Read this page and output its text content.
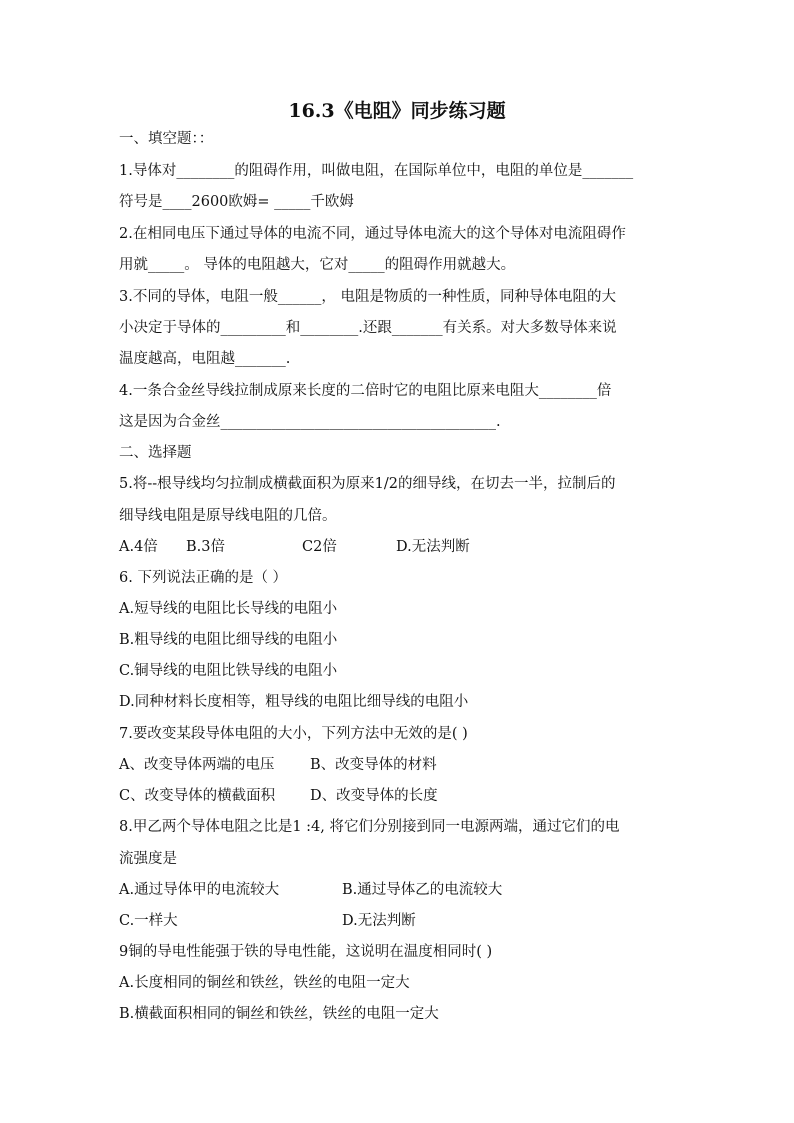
16.3《电阻》同步练习题
一、填空题：：
1.导体对________的阻碍作用，叫做电阻，在国际单位中，电阻的单位是_______
符号是____2600欧姆= _____千欧姆
2.在相同电压下通过导体的电流不同，通过导体电流大的这个导体对电流阻碍作
用就_____。 导体的电阻越大，它对_____的阻碍作用就越大。
3.不同的导体，电阻一般______， 电阻是物质的一种性质，同种导体电阻的大
小决定于导体的_________和________.还跟_______有关系。对大多数导体来说
温度越高，电阻越_______.
4.一条合金丝导线拉制成原来长度的二倍时它的电阻比原来电阻大________倍
这是因为合金丝______________________________________.
二、选择题
5.将--根导线均匀拉制成横截面积为原来1/2的细导线，在切去一半，拉制后的
细导线电阻是原导线电阻的几倍。
A.4倍 B.3倍	C2倍	D.无法判断
6. 下列说法正确的是（ ）
A.短导线的电阻比长导线的电阻小
B.粗导线的电阻比细导线的电阻小
C.铜导线的电阻比铁导线的电阻小
D.同种材料长度相等，粗导线的电阻比细导线的电阻小
7.要改变某段导体电阻的大小，下列方法中无效的是( )
A、改变导体两端的电压 B、改变导体的材料
C、改变导体的横截面积 D、改变导体的长度
8.甲乙两个导体电阻之比是1 :4, 将它们分别接到同一电源两端，通过它们的电
流强度是
A.通过导体甲的电流较大	B.通过导体乙的电流较大
C.一样大	D.无法判断
9铜的导电性能强于铁的导电性能，这说明在温度相同时( )
A.长度相同的铜丝和铁丝，铁丝的电阻一定大
B.横截面积相同的铜丝和铁丝，铁丝的电阻一定大
